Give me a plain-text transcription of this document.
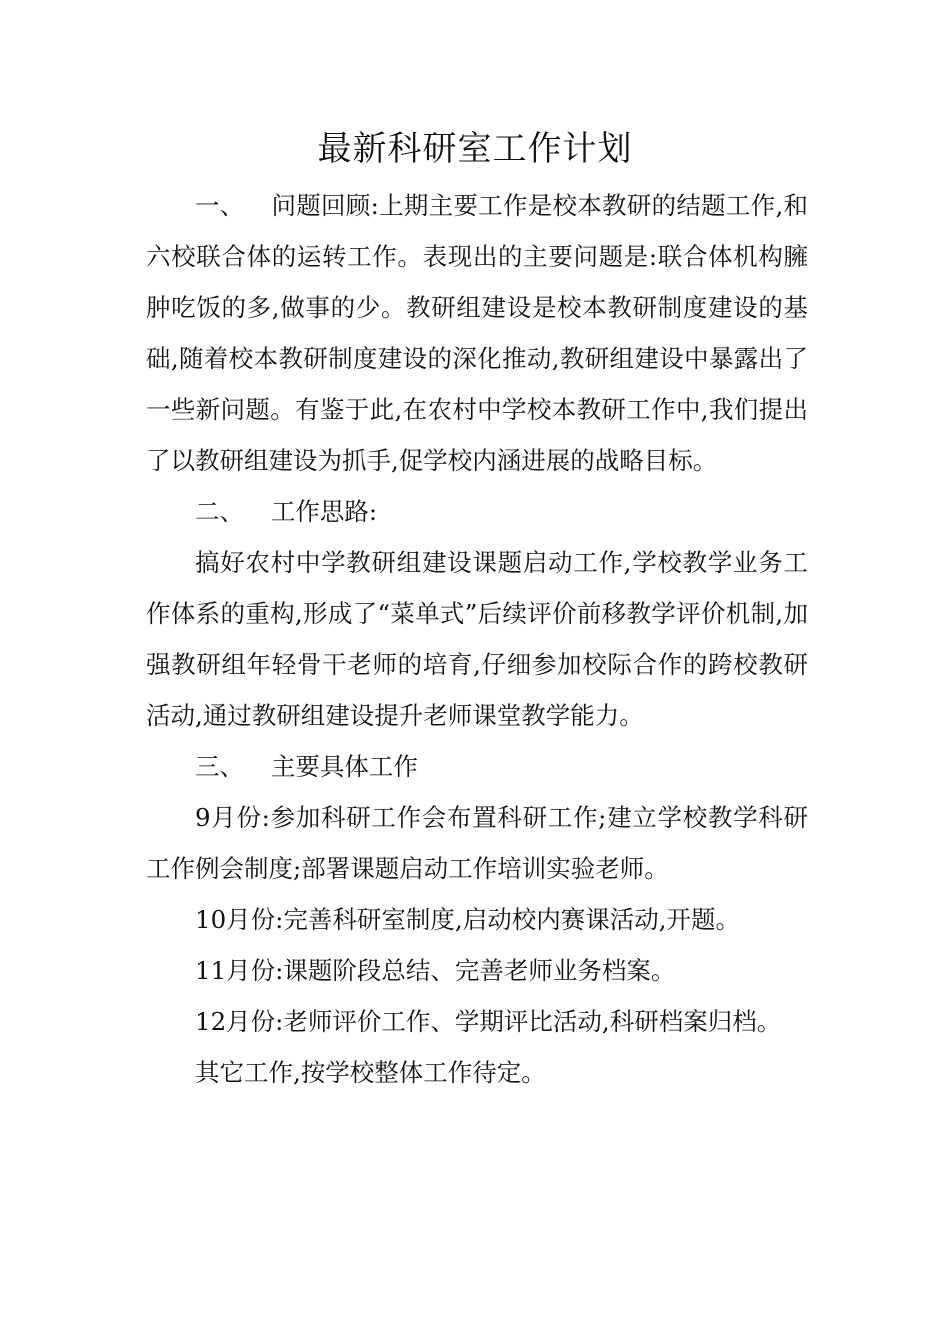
最新科研室工作计划

一、 问题回顾:上期主要工作是校本教研的结题工作,和六校联合体的运转工作。表现出的主要问题是:联合体机构臃肿吃饭的多,做事的少。教研组建设是校本教研制度建设的基础,随着校本教研制度建设的深化推动,教研组建设中暴露出了一些新问题。有鉴于此,在农村中学校本教研工作中,我们提出了以教研组建设为抓手,促学校内涵进展的战略目标。

二、 工作思路:

搞好农村中学教研组建设课题启动工作,学校教学业务工作体系的重构,形成了“菜单式”后续评价前移教学评价机制,加强教研组年轻骨干老师的培育,仔细参加校际合作的跨校教研活动,通过教研组建设提升老师课堂教学能力。

三、 主要具体工作

9月份:参加科研工作会布置科研工作;建立学校教学科研工作例会制度;部署课题启动工作培训实验老师。

10月份:完善科研室制度,启动校内赛课活动,开题。

11月份:课题阶段总结、完善老师业务档案。

12月份:老师评价工作、学期评比活动,科研档案归档。

其它工作,按学校整体工作待定。
